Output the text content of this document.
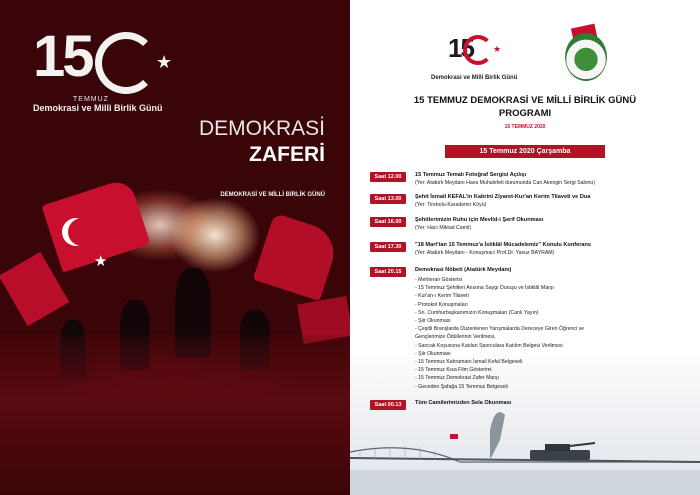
★
15	★
TEMMUZ
Demokrasi ve Milli Birlik Günü
DEMOKRASİ
ZAFERİ
DEMOKRASİ VE MİLLİ BİRLİK GÜNÜ
15 ★
Demokrasi ve Milli Birlik Günü
15 TEMMUZ DEMOKRASİ VE MİLLİ BİRLİK GÜNÜ
PROGRAMI
15 TEMMUZ 2020
15 Temmuz 2020 Çarşamba
Saat 12.00	15 Temmuz Temalı Fotoğraf Sergisi Açılışı
(Yer: Atatürk Meydanı Hava Muhalefeti durumunda Can Akengin Sergi Salonu)
Saat 13.00	Şehit İsmail KEFAL'in Kabrini Ziyaret-Kur'an Kerim Tilaveti ve Dua
(Yer: Tirebolu-Karademir Köyü)
Saat 16.00	Şehitlerimizin Ruhu için Mevlid-i Şerif Okunması
(Yer: Hacı Miktad Camii)
Saat 17.30	"18 Mart'tan 15 Temmuz'a İstiklâl Mücadelemiz" Konulu Konferans
(Yer: Atatürk Meydanı - Konuşmacı Prof.Dr. Yavuz BAYRAM)
Saat 20.15	Demokrasi Nöbeti (Atatürk Meydanı)
- Mehteran Gösterisi
- 15 Temmuz Şehitleri Anısına Saygı Duruşu ve İstiklâl Marşı
- Kur'an-ı Kerim Tilaveti
- Protokol Konuşmaları
- Sn. Cumhurbaşkanımızın Konuşmaları (Canlı Yayın)
- Şiir Okunması
- Çeşitli Branşlarda Düzenlenen Yarışmalarda Dereceye Giren Öğrenci ve
Gençlerimize Ödüllerinin Verilmesi,
- Sancak Koşusuna Katılan Sporculara Katılım Belgesi Verilmesi
- Şiir Okunması
- 15 Temmuz Kahramanı İsmail Kefal Belgeseli
- 15 Temmuz Kısa Film Gösterimi
- 15 Temmuz Demokrasi Zafer Marşı
- Geceden Şafağa 15 Temmuz Belgeseli
Saat 00.13	Tüm Camilerimizden Sela Okunması
